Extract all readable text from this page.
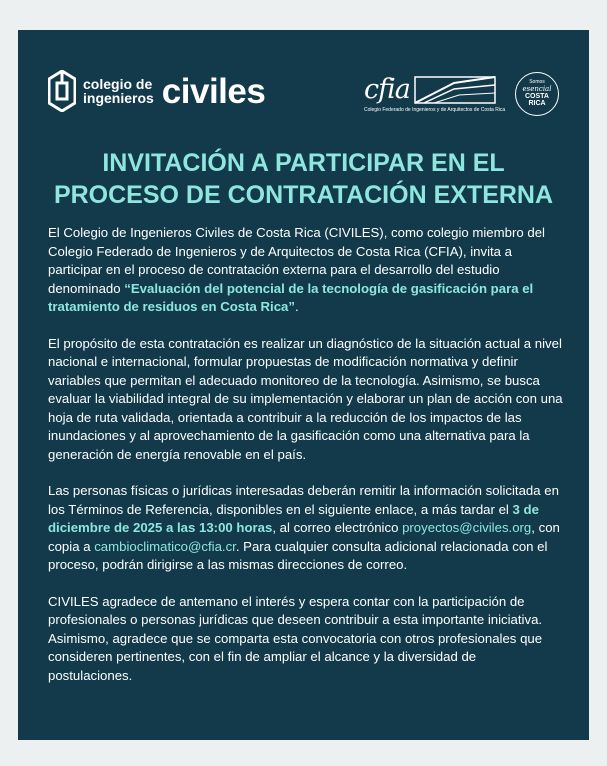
colegio de
ingenieros civiles	cfia
Colegio Federado de Ingenieros y de Arquitectos de Costa Rica
Somos
esencial
COSTA
RICA
INVITACIÓN A PARTICIPAR EN EL
PROCESO DE CONTRATACIÓN EXTERNA

El Colegio de Ingenieros Civiles de Costa Rica (CIVILES), como colegio miembro del Colegio Federado de Ingenieros y de Arquitectos de Costa Rica (CFIA), invita a participar en el proceso de contratación externa para el desarrollo del estudio denominado “Evaluación del potencial de la tecnología de gasificación para el tratamiento de residuos en Costa Rica”.

El propósito de esta contratación es realizar un diagnóstico de la situación actual a nivel nacional e internacional, formular propuestas de modificación normativa y definir variables que permitan el adecuado monitoreo de la tecnología. Asimismo, se busca evaluar la viabilidad integral de su implementación y elaborar un plan de acción con una hoja de ruta validada, orientada a contribuir a la reducción de los impactos de las inundaciones y al aprovechamiento de la gasificación como una alternativa para la generación de energía renovable en el país.

Las personas físicas o jurídicas interesadas deberán remitir la información solicitada en los Términos de Referencia, disponibles en el siguiente enlace, a más tardar el 3 de diciembre de 2025 a las 13:00 horas, al correo electrónico proyectos@civiles.org, con copia a cambioclimatico@cfia.cr. Para cualquier consulta adicional relacionada con el proceso, podrán dirigirse a las mismas direcciones de correo.

CIVILES agradece de antemano el interés y espera contar con la participación de profesionales o personas jurídicas que deseen contribuir a esta importante iniciativa. Asimismo, agradece que se comparta esta convocatoria con otros profesionales que consideren pertinentes, con el fin de ampliar el alcance y la diversidad de postulaciones.
